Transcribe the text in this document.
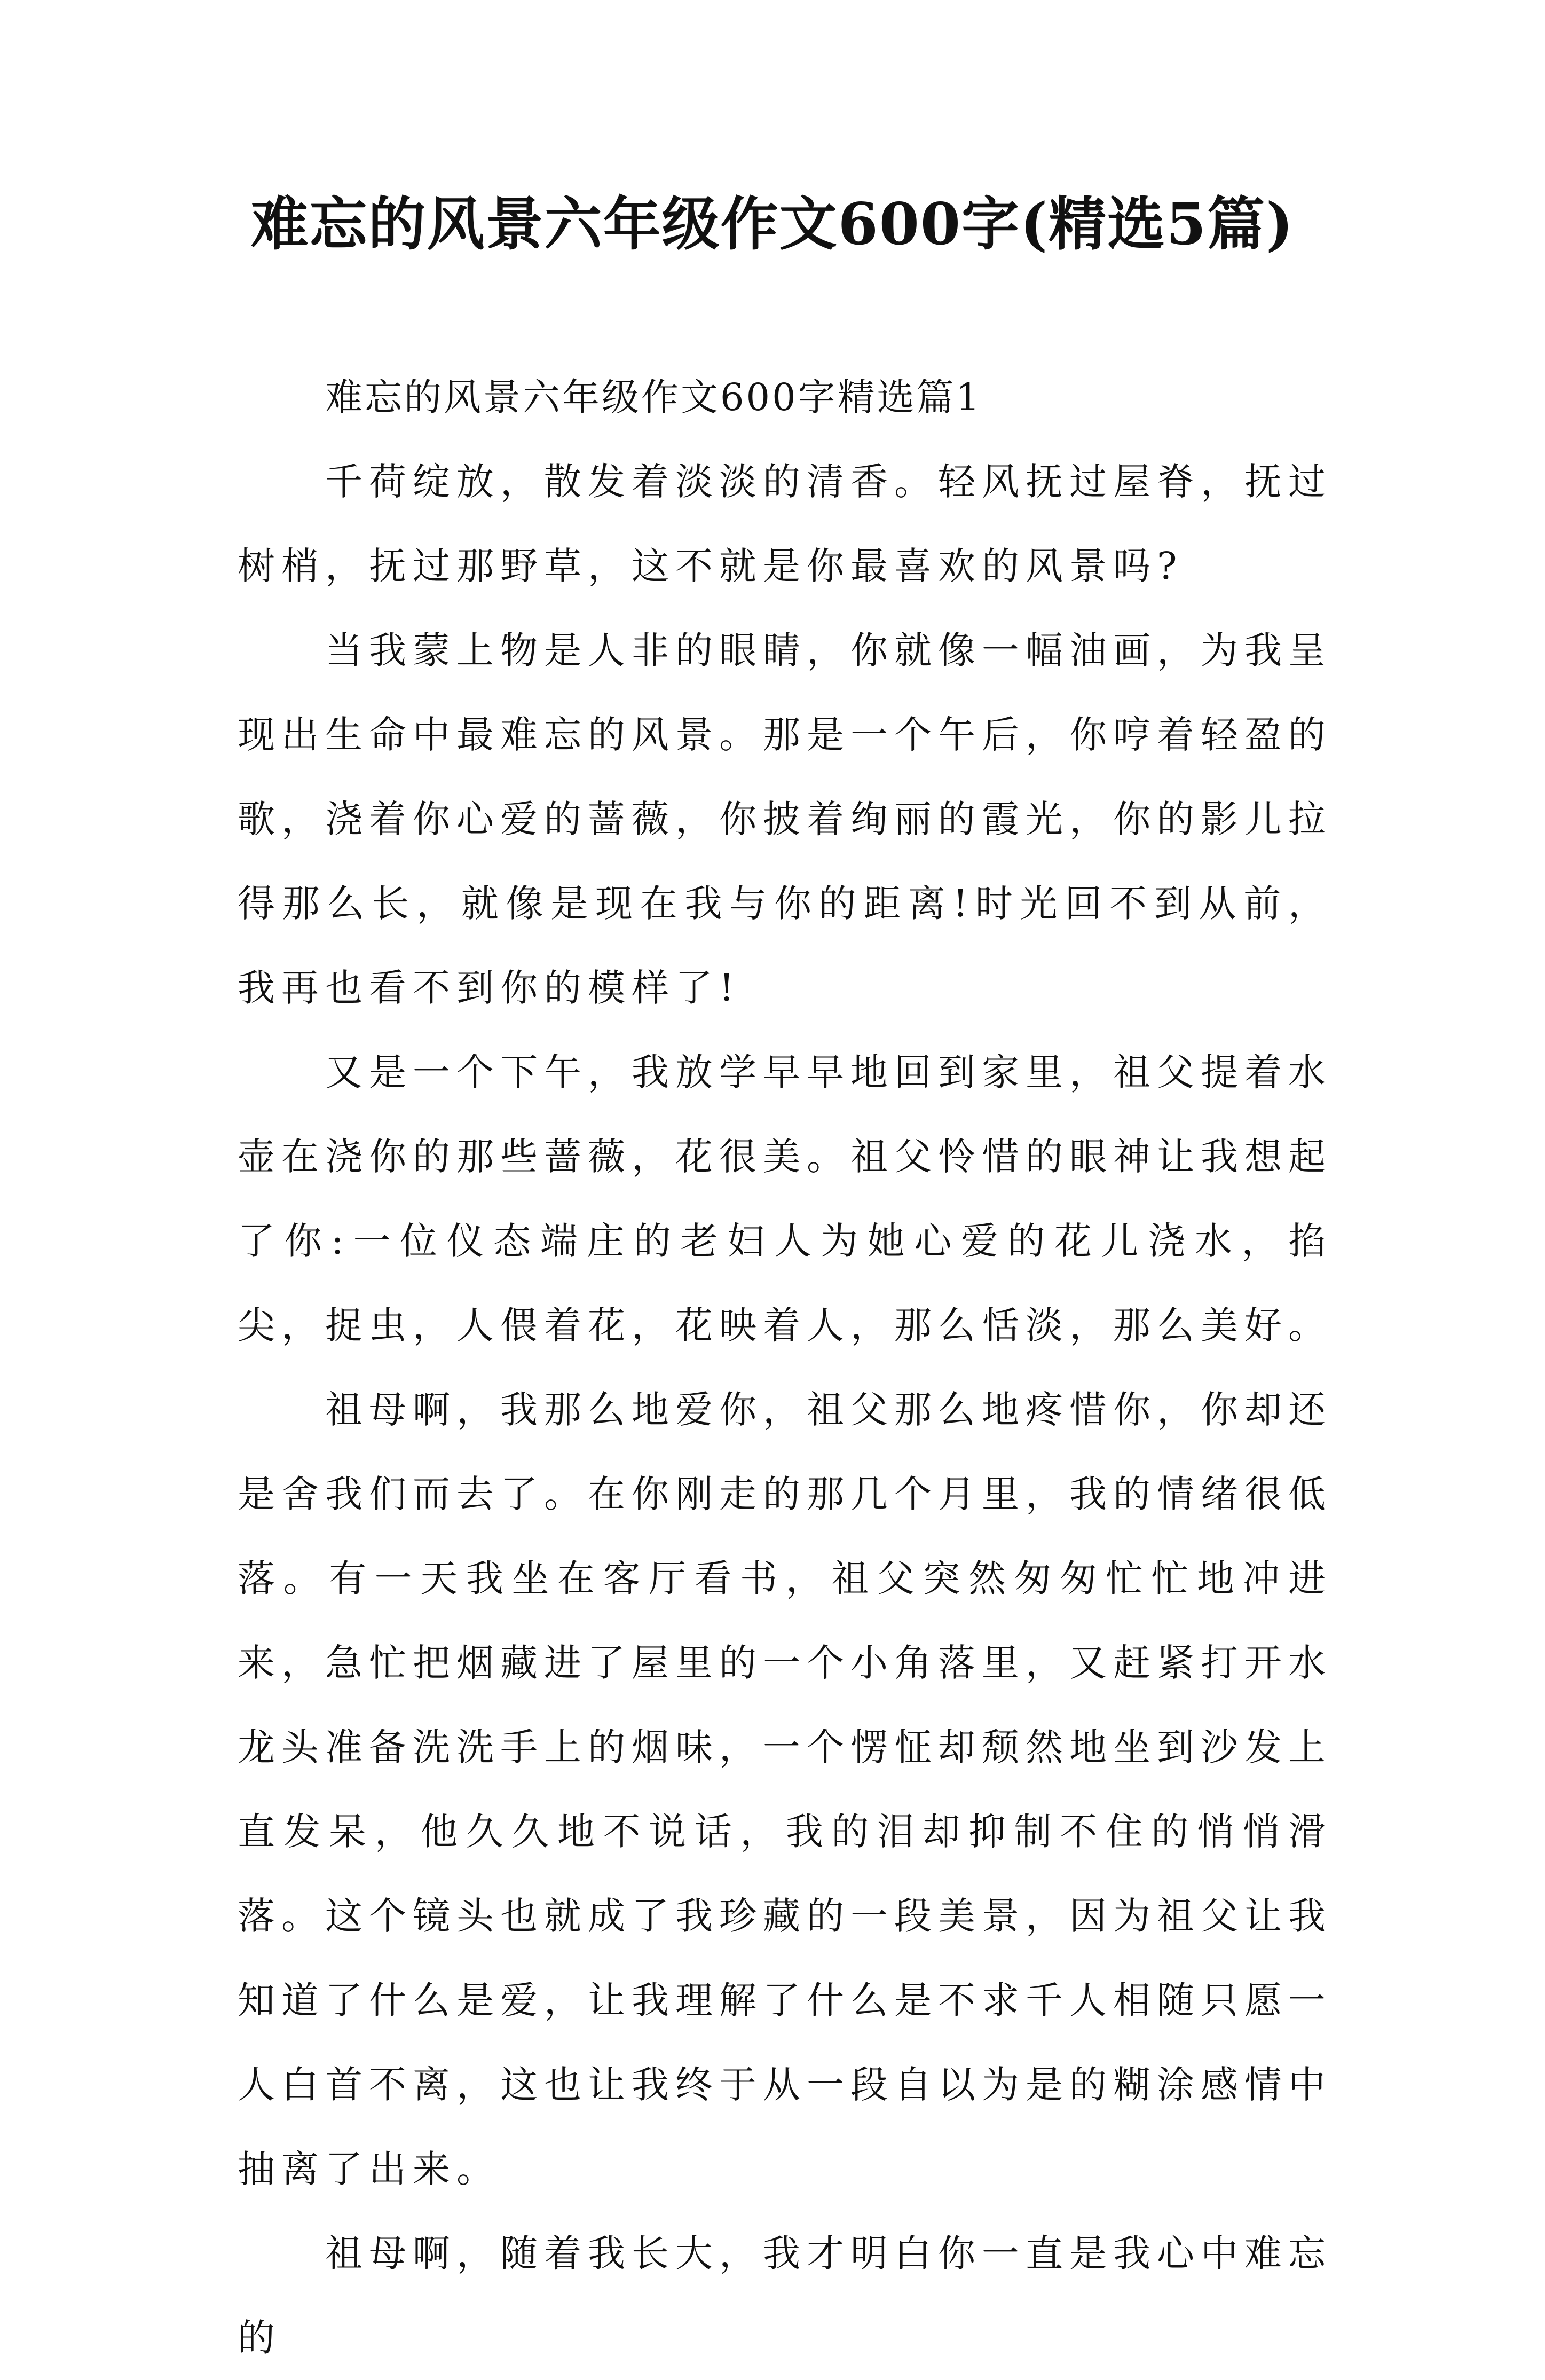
难忘的风景六年级作文600字(精选5篇)

难忘的风景六年级作文600字精选篇1

千荷绽放，散发着淡淡的清香。轻风抚过屋脊，抚过树梢，抚过那野草，这不就是你最喜欢的风景吗?

当我蒙上物是人非的眼睛，你就像一幅油画，为我呈现出生命中最难忘的风景。那是一个午后，你哼着轻盈的歌，浇着你心爱的蔷薇，你披着绚丽的霞光，你的影儿拉得那么长，就像是现在我与你的距离!时光回不到从前，我再也看不到你的模样了!

又是一个下午，我放学早早地回到家里，祖父提着水壶在浇你的那些蔷薇，花很美。祖父怜惜的眼神让我想起了你:一位仪态端庄的老妇人为她心爱的花儿浇水，掐尖，捉虫，人偎着花，花映着人，那么恬淡，那么美好。

祖母啊，我那么地爱你，祖父那么地疼惜你，你却还是舍我们而去了。在你刚走的那几个月里，我的情绪很低落。有一天我坐在客厅看书，祖父突然匆匆忙忙地冲进来，急忙把烟藏进了屋里的一个小角落里，又赶紧打开水龙头准备洗洗手上的烟味，一个愣怔却颓然地坐到沙发上直发呆，他久久地不说话，我的泪却抑制不住的悄悄滑落。这个镜头也就成了我珍藏的一段美景，因为祖父让我知道了什么是爱，让我理解了什么是不求千人相随只愿一人白首不离，这也让我终于从一段自以为是的糊涂感情中抽离了出来。

祖母啊，随着我长大，我才明白你一直是我心中难忘的
